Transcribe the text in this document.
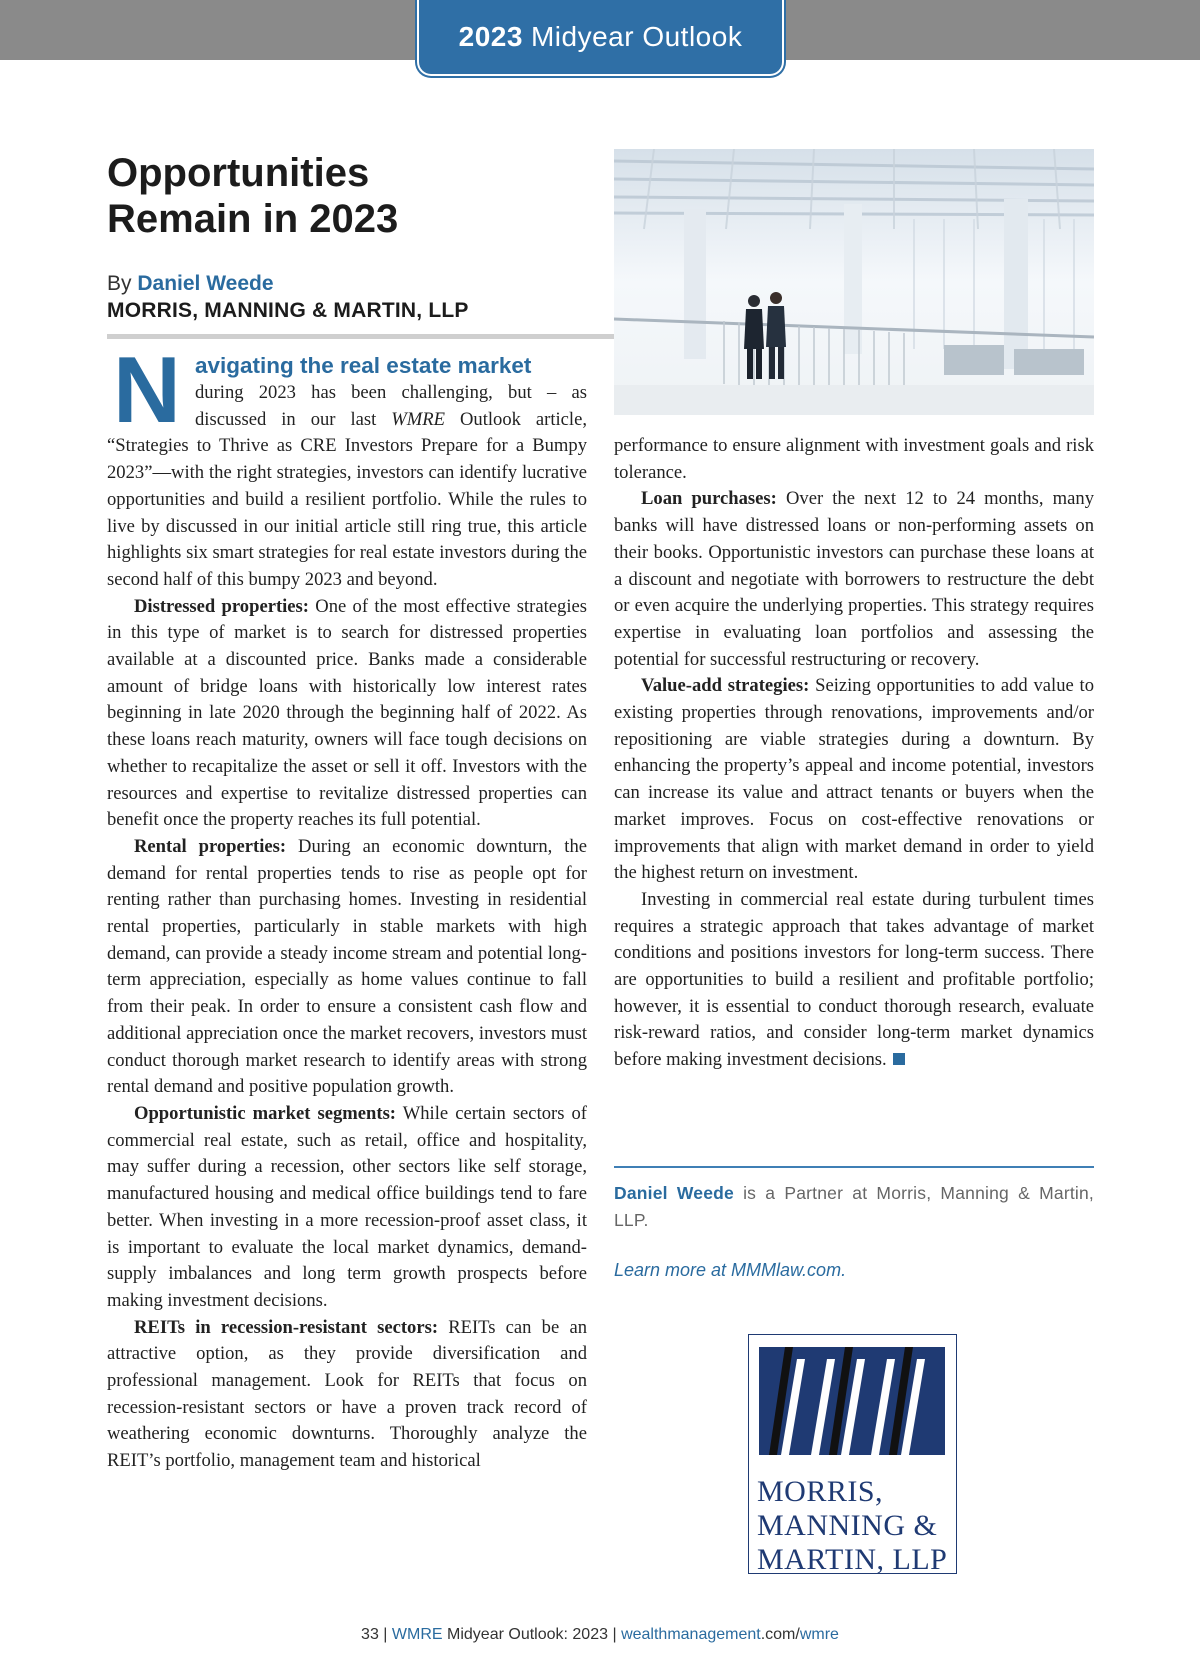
2023 Midyear Outlook
Opportunities
Remain in 2023
By Daniel Weede
MORRIS, MANNING & MARTIN, LLP
N avigating the real estate market
during 2023 has been challenging, but – as discussed in our last WMRE Outlook article, “Strategies to Thrive as CRE Investors Prepare for a Bumpy 2023”—with the right strategies, investors can identify lucrative opportunities and build a resilient portfolio. While the rules to live by discussed in our initial article still ring true, this article highlights six smart strategies for real estate investors during the second half of this bumpy 2023 and beyond.

Distressed properties: One of the most effective strategies in this type of market is to search for distressed properties available at a discounted price. Banks made a considerable amount of bridge loans with historically low interest rates beginning in late 2020 through the beginning half of 2022. As these loans reach maturity, owners will face tough decisions on whether to recapitalize the asset or sell it off. Investors with the resources and expertise to revitalize distressed properties can benefit once the property reaches its full potential.

Rental properties: During an economic downturn, the demand for rental properties tends to rise as people opt for renting rather than purchasing homes. Investing in residential rental properties, particularly in stable markets with high demand, can provide a steady income stream and potential long-term appreciation, especially as home values continue to fall from their peak. In order to ensure a consistent cash flow and additional appreciation once the market recovers, investors must conduct thorough market research to identify areas with strong rental demand and positive population growth.

Opportunistic market segments: While certain sectors of commercial real estate, such as retail, office and hospitality, may suffer during a recession, other sectors like self storage, manufactured housing and medical office buildings tend to fare better. When investing in a more recession-proof asset class, it is important to evaluate the local market dynamics, demand-supply imbalances and long term growth prospects before making investment decisions.

REITs in recession-resistant sectors: REITs can be an attractive option, as they provide diversification and professional management. Look for REITs that focus on recession-resistant sectors or have a proven track record of weathering economic downturns. Thoroughly analyze the REIT’s portfolio, management team and historical

performance to ensure alignment with investment goals and risk tolerance.

Loan purchases: Over the next 12 to 24 months, many banks will have distressed loans or non-performing assets on their books. Opportunistic investors can purchase these loans at a discount and negotiate with borrowers to restructure the debt or even acquire the underlying properties. This strategy requires expertise in evaluating loan portfolios and assessing the potential for successful restructuring or recovery.

Value-add strategies: Seizing opportunities to add value to existing properties through renovations, improvements and/or repositioning are viable strategies during a downturn. By enhancing the property’s appeal and income potential, investors can increase its value and attract tenants or buyers when the market improves. Focus on cost-effective renovations or improvements that align with market demand in order to yield the highest return on investment.

Investing in commercial real estate during turbulent times requires a strategic approach that takes advantage of market conditions and positions investors for long-term success. There are opportunities to build a resilient and profitable portfolio; however, it is essential to conduct thorough research, evaluate risk-reward ratios, and consider long-term market dynamics before making investment decisions.

Daniel Weede is a Partner at Morris, Manning & Martin, LLP.
Learn more at MMMlaw.com.
MORRIS,
MANNING &
MARTIN, LLP
33 | WMRE Midyear Outlook: 2023 | wealthmanagement.com/wmre
